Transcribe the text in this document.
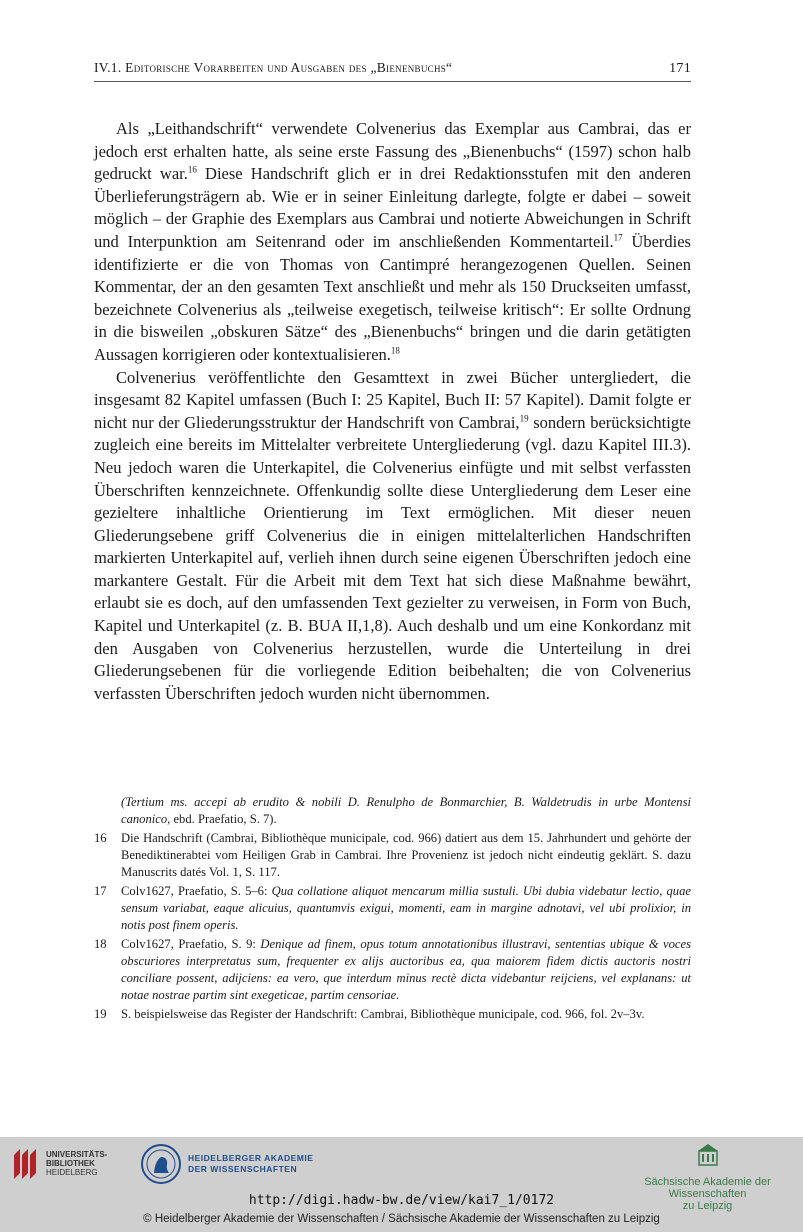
IV.1. Editorische Vorarbeiten und Ausgaben des „Bienenbuchs“	171

Als „Leithandschrift“ verwendete Colvenerius das Exemplar aus Cambrai, das er jedoch erst erhalten hatte, als seine erste Fassung des „Bienenbuchs“ (1597) schon halb gedruckt war.$^{16}$ Diese Handschrift glich er in drei Redaktionsstufen mit den anderen Überlieferungsträgern ab. Wie er in seiner Einleitung darlegte, folgte er dabei – soweit möglich – der Graphie des Exemplars aus Cambrai und notierte Abweichungen in Schrift und Interpunktion am Seitenrand oder im anschließenden Kommentarteil.$^{17}$ Überdies identifizierte er die von Thomas von Cantimpré herangezogenen Quellen. Seinen Kommentar, der an den gesamten Text anschließt und mehr als 150 Druckseiten umfasst, bezeichnete Colvenerius als „teilweise exegetisch, teilweise kritisch“: Er sollte Ordnung in die bisweilen „obskuren Sätze“ des „Bienenbuchs“ bringen und die darin getätigten Aussagen korrigieren oder kontextualisieren.$^{18}$

Colvenerius veröffentlichte den Gesamttext in zwei Bücher untergliedert, die insgesamt 82 Kapitel umfassen (Buch I: 25 Kapitel, Buch II: 57 Kapitel). Damit folgte er nicht nur der Gliederungsstruktur der Handschrift von Cambrai,$^{19}$ sondern berücksichtigte zugleich eine bereits im Mittelalter verbreitete Untergliederung (vgl. dazu Kapitel III.3). Neu jedoch waren die Unterkapitel, die Colvenerius einfügte und mit selbst verfassten Überschriften kennzeichnete. Offenkundig sollte diese Untergliederung dem Leser eine gezieltere inhaltliche Orientierung im Text ermöglichen. Mit dieser neuen Gliederungsebene griff Colvenerius die in einigen mittelalterlichen Handschriften markierten Unterkapitel auf, verlieh ihnen durch seine eigenen Überschriften jedoch eine markantere Gestalt. Für die Arbeit mit dem Text hat sich diese Maßnahme bewährt, erlaubt sie es doch, auf den umfassenden Text gezielter zu verweisen, in Form von Buch, Kapitel und Unterkapitel (z. B. BUA II,1,8). Auch deshalb und um eine Konkordanz mit den Ausgaben von Colvenerius herzustellen, wurde die Unterteilung in drei Gliederungsebenen für die vorliegende Edition beibehalten; die von Colvenerius verfassten Überschriften jedoch wurden nicht übernommen.

(Tertium ms. accepi ab erudito & nobili D. Renulpho de Bonmarchier, B. Waldetrudis in urbe Montensi canonico, ebd. Praefatio, S. 7).
16	Die Handschrift (Cambrai, Bibliothèque municipale, cod. 966) datiert aus dem 15. Jahrhundert und gehörte der Benediktinerabtei vom Heiligen Grab in Cambrai. Ihre Provenienz ist jedoch nicht eindeutig geklärt. S. dazu Manuscrits datés Vol. 1, S. 117.
17	Colv1627, Praefatio, S. 5–6: Qua collatione aliquot mencarum millia sustuli. Ubi dubia videbatur lectio, quae sensum variabat, eaque alicuius, quantumvis exigui, momenti, eam in margine adnotavi, vel ubi prolixior, in notis post finem operis.
18	Colv1627, Praefatio, S. 9: Denique ad finem, opus totum annotationibus illustravi, sententias ubique & voces obscuriores interpretatus sum, frequenter ex alijs auctoribus ea, qua maiorem fidem dictis auctoris nostri conciliare possent, adijciens: ea vero, que interdum minus rectè dicta videbantur reijciens, vel explanans: ut notae nostrae partim sint exegeticae, partim censoriae.
19	S. beispielsweise das Register der Handschrift: Cambrai, Bibliothèque municipale, cod. 966, fol. 2v–3v.
UNIVERSITÄTS-
BIBLIOTHEK
HEIDELBERG
HEIDELBERGER AKADEMIE
DER WISSENSCHAFTEN
Sächsische Akademie der Wissenschaften
zu Leipzig
http://digi.hadw-bw.de/view/kai7_1/0172
© Heidelberger Akademie der Wissenschaften / Sächsische Akademie der Wissenschaften zu Leipzig
